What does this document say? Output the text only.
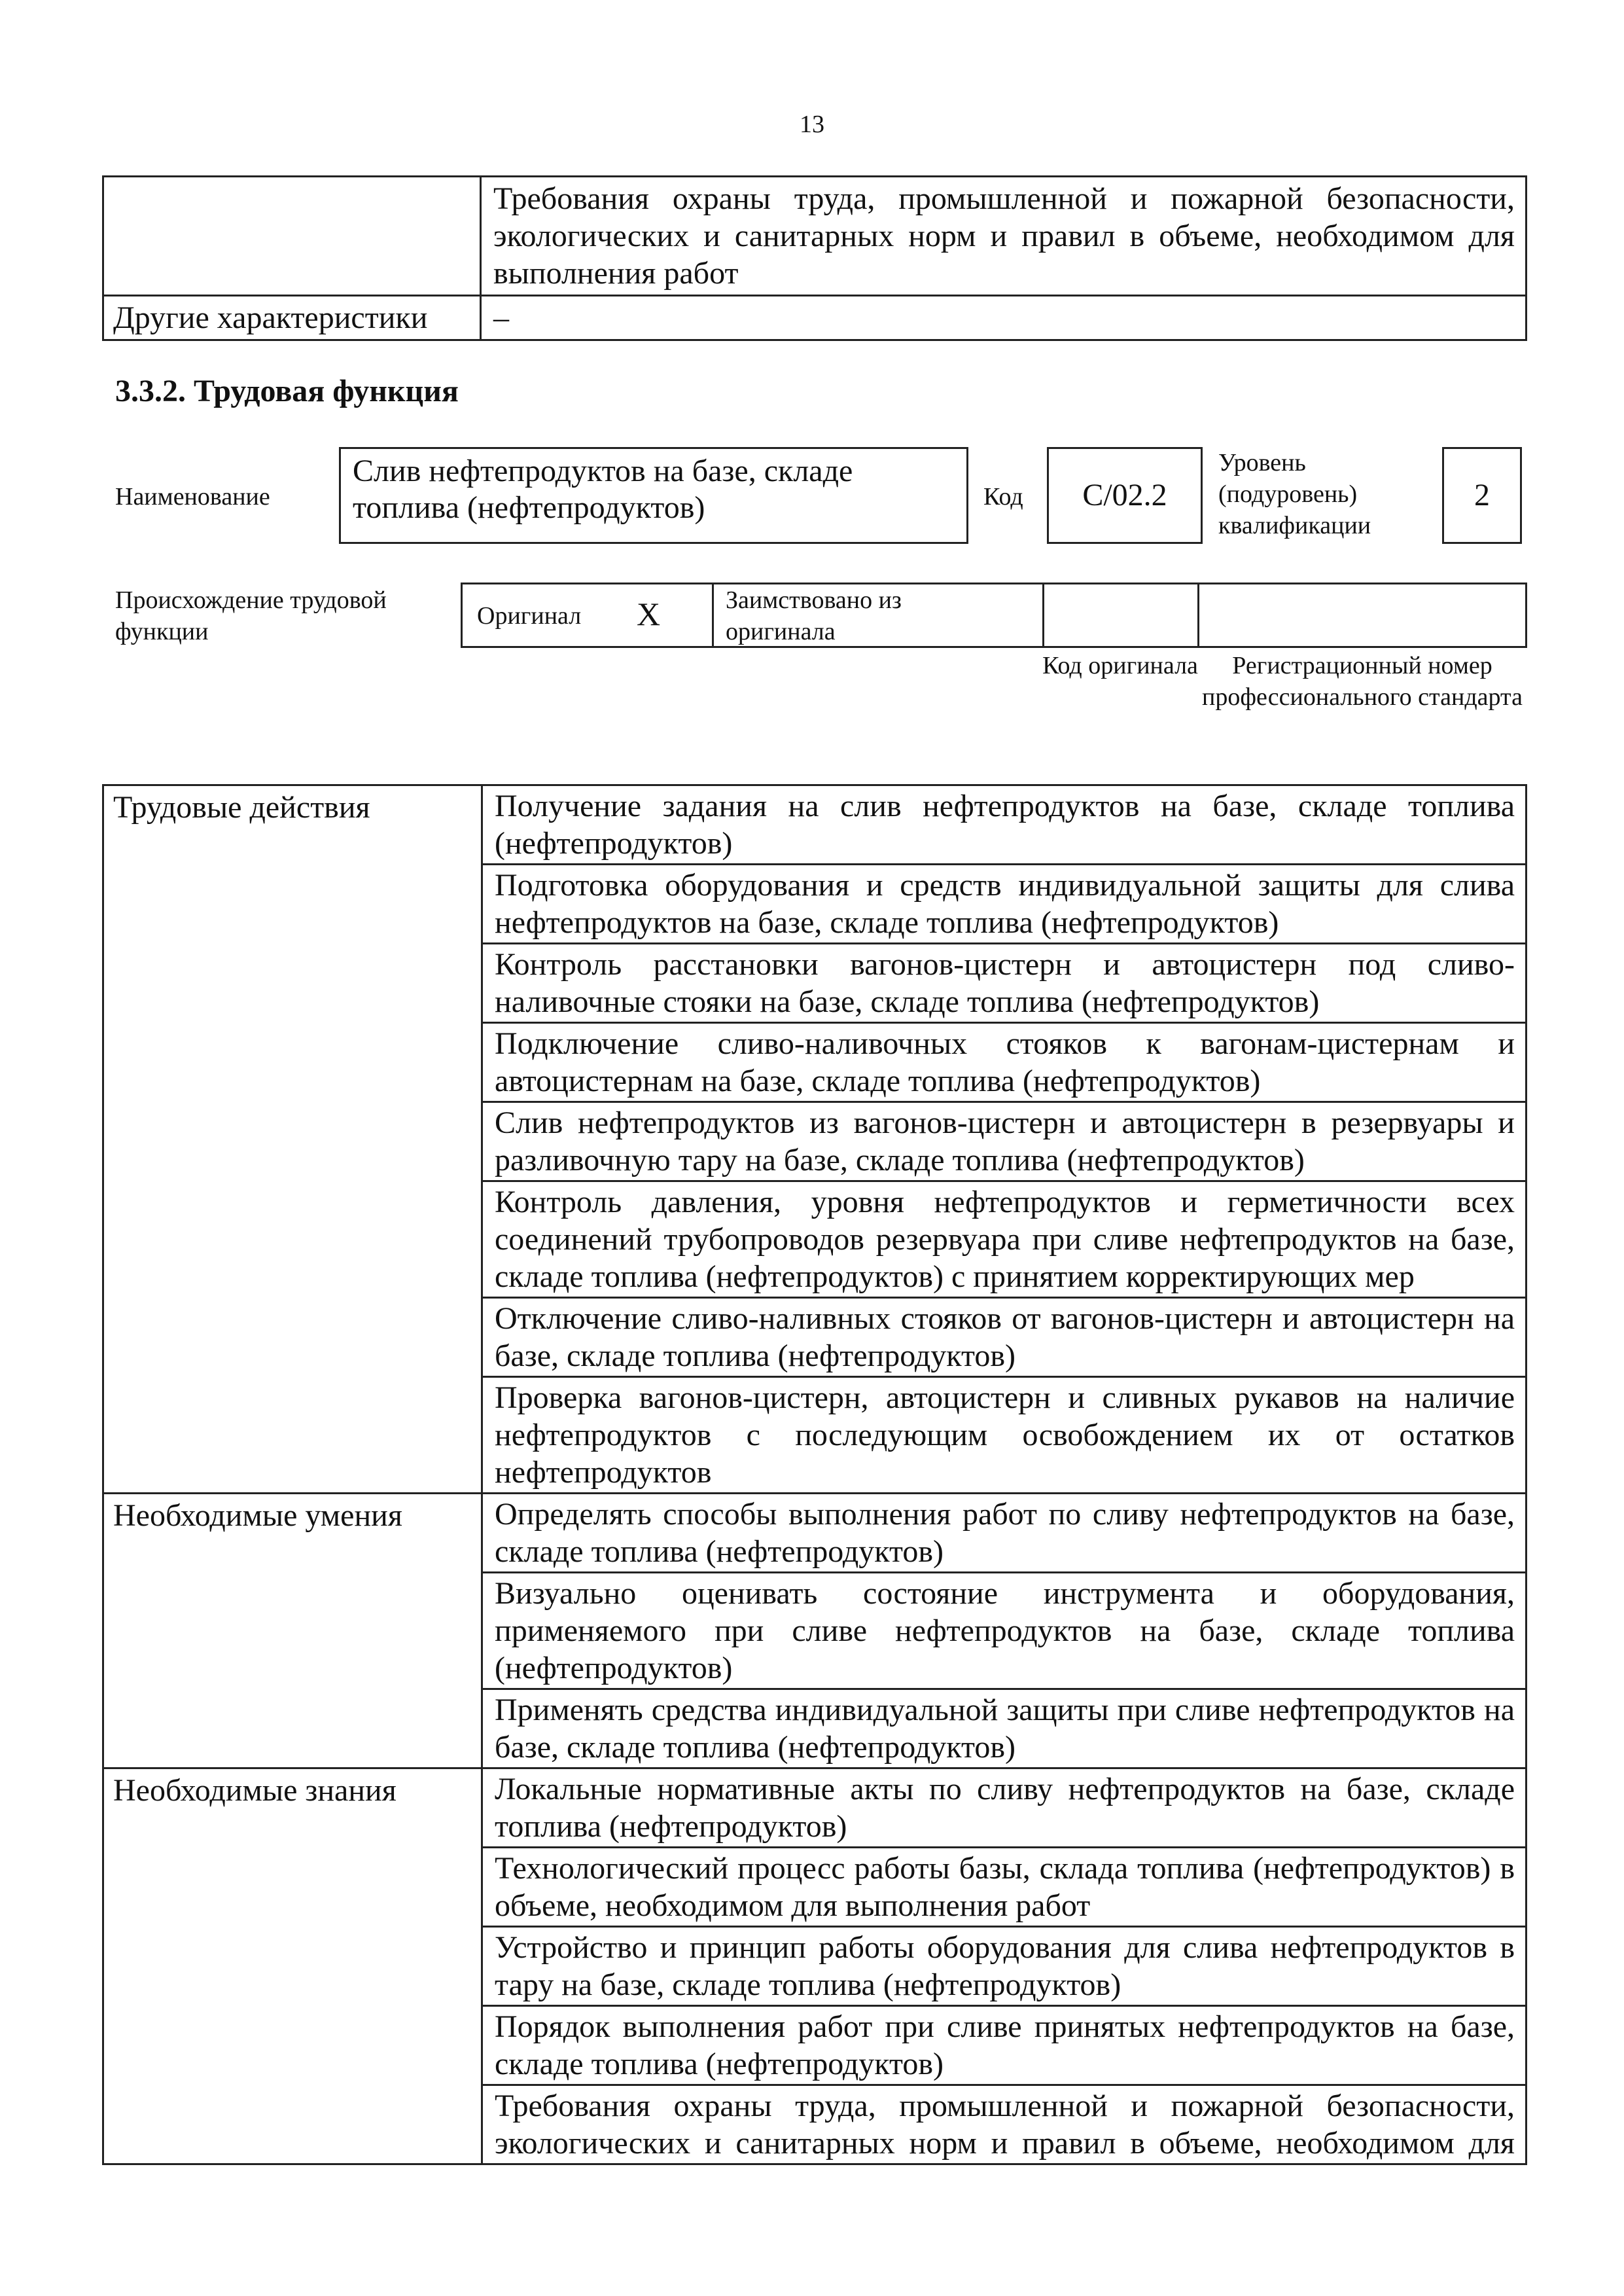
13
	Требования охраны труда, промышленной и пожарной безопасности, экологических и санитарных норм и правил в объеме, необходимом для выполнения работ
Другие характеристики	–
3.3.2. Трудовая функция
Наименование
Слив нефтепродуктов на базе, складе топлива (нефтепродуктов)	Код	С/02.2
Уровень (подуровень) квалификации
2
Происхождение трудовой функции
Оригинал Х	Заимствовано из оригинала
Код оригинала	Регистрационный номер профессионального стандарта
Трудовые действия	Получение задания на слив нефтепродуктов на базе, складе топлива (нефтепродуктов)
	Подготовка оборудования и средств индивидуальной защиты для слива нефтепродуктов на базе, складе топлива (нефтепродуктов)
	Контроль расстановки вагонов-цистерн и автоцистерн под сливо-наливочные стояки на базе, складе топлива (нефтепродуктов)
	Подключение сливо-наливочных стояков к вагонам-цистернам и автоцистернам на базе, складе топлива (нефтепродуктов)
	Слив нефтепродуктов из вагонов-цистерн и автоцистерн в резервуары и разливочную тару на базе, складе топлива (нефтепродуктов)
	Контроль давления, уровня нефтепродуктов и герметичности всех соединений трубопроводов резервуара при сливе нефтепродуктов на базе, складе топлива (нефтепродуктов) с принятием корректирующих мер
	Отключение сливо-наливных стояков от вагонов-цистерн и автоцистерн на базе, складе топлива (нефтепродуктов)
	Проверка вагонов-цистерн, автоцистерн и сливных рукавов на наличие нефтепродуктов с последующим освобождением их от остатков нефтепродуктов
Необходимые умения	Определять способы выполнения работ по сливу нефтепродуктов на базе, складе топлива (нефтепродуктов)
	Визуально оценивать состояние инструмента и оборудования, применяемого при сливе нефтепродуктов на базе, складе топлива (нефтепродуктов)
	Применять средства индивидуальной защиты при сливе нефтепродуктов на базе, складе топлива (нефтепродуктов)
Необходимые знания	Локальные нормативные акты по сливу нефтепродуктов на базе, складе топлива (нефтепродуктов)
	Технологический процесс работы базы, склада топлива (нефтепродуктов) в объеме, необходимом для выполнения работ
	Устройство и принцип работы оборудования для слива нефтепродуктов в тару на базе, складе топлива (нефтепродуктов)
	Порядок выполнения работ при сливе принятых нефтепродуктов на базе, складе топлива (нефтепродуктов)
	Требования охраны труда, промышленной и пожарной безопасности, экологических и санитарных норм и правил в объеме, необходимом для
